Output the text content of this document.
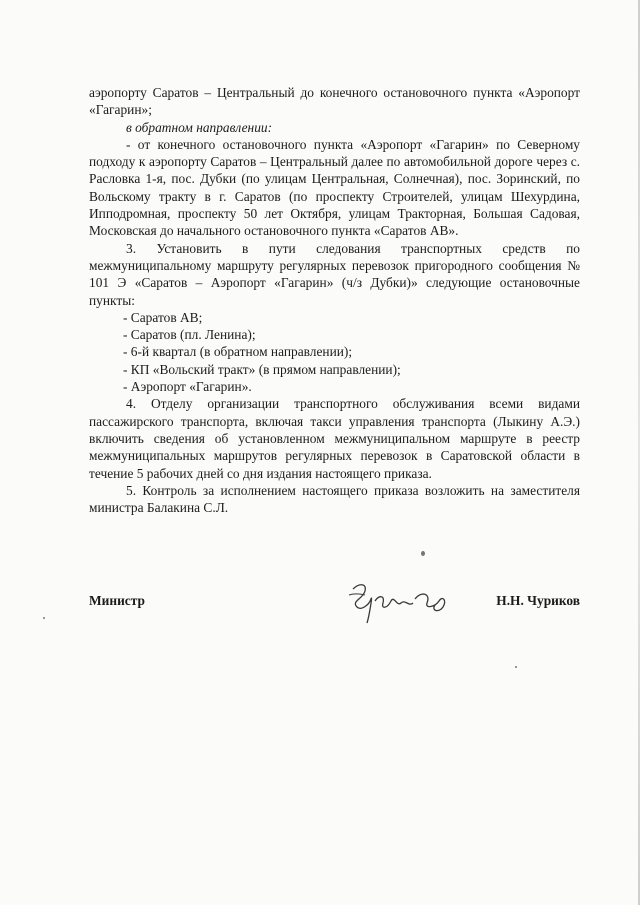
аэропорту Саратов – Центральный до конечного остановочного пункта «Аэропорт «Гагарин»;

в обратном направлении:

- от конечного остановочного пункта «Аэропорт «Гагарин» по Северному подходу к аэропорту Саратов – Центральный далее по автомобильной дороге через с. Расловка 1-я, пос. Дубки (по улицам Центральная, Солнечная), пос. Зоринский, по Вольскому тракту в г. Саратов (по проспекту Строителей, улицам Шехурдина, Ипподромная, проспекту 50 лет Октября, улицам Тракторная, Большая Садовая, Московская до начального остановочного пункта «Саратов АВ».

3. Установить в пути следования транспортных средств по межмуниципальному маршруту регулярных перевозок пригородного сообщения № 101 Э «Саратов – Аэропорт «Гагарин» (ч/з Дубки)» следующие остановочные пункты:

- Саратов АВ;

- Саратов (пл. Ленина);

- 6-й квартал (в обратном направлении);

- КП «Вольский тракт» (в прямом направлении);

- Аэропорт «Гагарин».

4. Отделу организации транспортного обслуживания всеми видами пассажирского транспорта, включая такси управления транспорта (Лыкину А.Э.) включить сведения об установленном межмуниципальном маршруте в реестр межмуниципальных маршрутов регулярных перевозок в Саратовской области в течение 5 рабочих дней со дня издания настоящего приказа.

5. Контроль за исполнением настоящего приказа возложить на заместителя министра Балакина С.Л.

Министр	Н.Н. Чуриков
